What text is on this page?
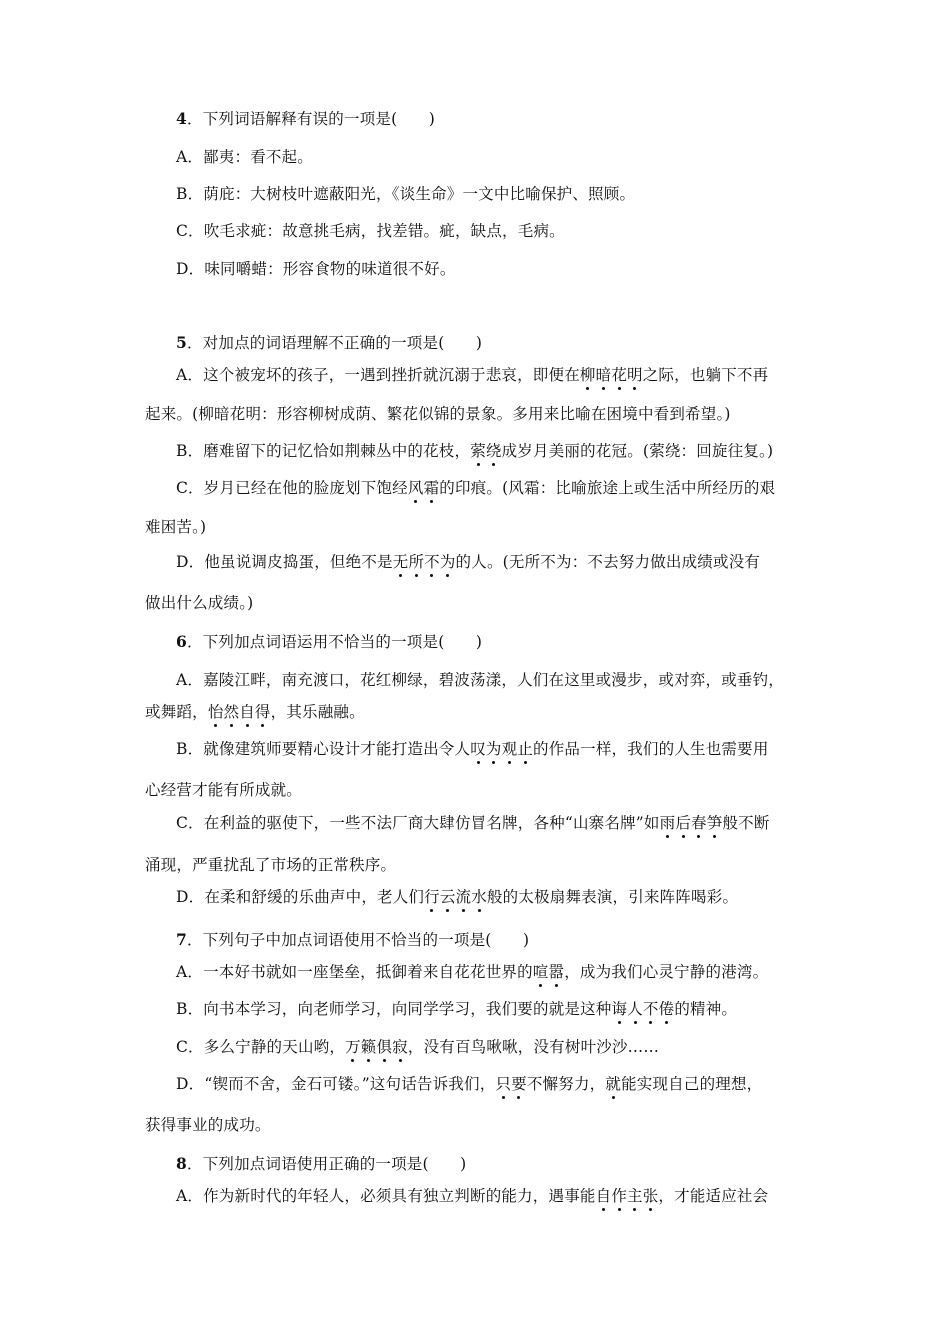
4．下列词语解释有误的一项是(　　)
A．鄙夷：看不起。
B．荫庇：大树枝叶遮蔽阳光，《谈生命》一文中比喻保护、照顾。
C．吹毛求疵：故意挑毛病，找差错。疵，缺点，毛病。
D．味同嚼蜡：形容食物的味道很不好。
5．对加点的词语理解不正确的一项是(　　)
A．这个被宠坏的孩子，一遇到挫折就沉溺于悲哀，即便在柳暗花明之际，也躺下不再
起来。(柳暗花明：形容柳树成荫、繁花似锦的景象。多用来比喻在困境中看到希望。)
B．磨难留下的记忆恰如荆棘丛中的花枝，萦绕成岁月美丽的花冠。(萦绕：回旋往复。)
C．岁月已经在他的脸庞划下饱经风霜的印痕。(风霜：比喻旅途上或生活中所经历的艰
难困苦。)
D．他虽说调皮捣蛋，但绝不是无所不为的人。(无所不为：不去努力做出成绩或没有
做出什么成绩。)
6．下列加点词语运用不恰当的一项是(　　)
A．嘉陵江畔，南充渡口，花红柳绿，碧波荡漾，人们在这里或漫步，或对弈，或垂钓，
或舞蹈，怡然自得，其乐融融。
B．就像建筑师要精心设计才能打造出令人叹为观止的作品一样，我们的人生也需要用
心经营才能有所成就。
C．在利益的驱使下，一些不法厂商大肆仿冒名牌，各种“山寨名牌”如雨后春笋般不断
涌现，严重扰乱了市场的正常秩序。
D．在柔和舒缓的乐曲声中，老人们行云流水般的太极扇舞表演，引来阵阵喝彩。
7．下列句子中加点词语使用不恰当的一项是(　　)
A．一本好书就如一座堡垒，抵御着来自花花世界的喧嚣，成为我们心灵宁静的港湾。
B．向书本学习，向老师学习，向同学学习，我们要的就是这种诲人不倦的精神。
C．多么宁静的天山哟，万籁俱寂，没有百鸟啾啾，没有树叶沙沙……
D．“锲而不舍，金石可镂。”这句话告诉我们，只要不懈努力，就能实现自己的理想，
获得事业的成功。
8．下列加点词语使用正确的一项是(　　)
A．作为新时代的年轻人，必须具有独立判断的能力，遇事能自作主张，才能适应社会
